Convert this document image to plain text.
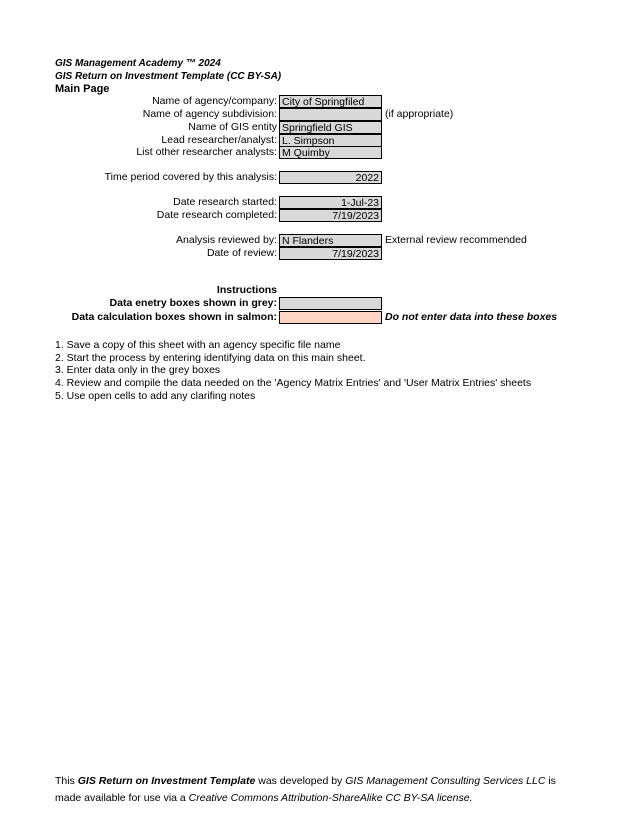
GIS Management Academy ™ 2024
GIS Return on Investment Template (CC BY-SA)
Main Page
Name of agency/company: City of Springfiled
Name of agency subdivision:	(if appropriate)
Name of GIS entity Springfield GIS
Lead researcher/analyst: L. Simpson
List other researcher analysts: M Quimby
Time period covered by this analysis:	2022
Date research started:	1-Jul-23
Date research completed:	7/19/2023
Analysis reviewed by: N Flanders	External review recommended
Date of review:	7/19/2023
Instructions
Data enetry boxes shown in grey:
Data calculation boxes shown in salmon:	Do not enter data into these boxes
1. Save a copy of this sheet with an agency specific file name
2. Start the process by entering identifying data on this main sheet.
3. Enter data only in the grey boxes
4. Review and compile the data needed on the 'Agency Matrix Entries' and 'User Matrix Entries' sheets
5. Use open cells to add any clarifing notes
This GIS Return on Investment Template was developed by GIS Management Consulting Services LLC is made available for use via a Creative Commons Attribution-ShareAlike CC BY-SA license.
